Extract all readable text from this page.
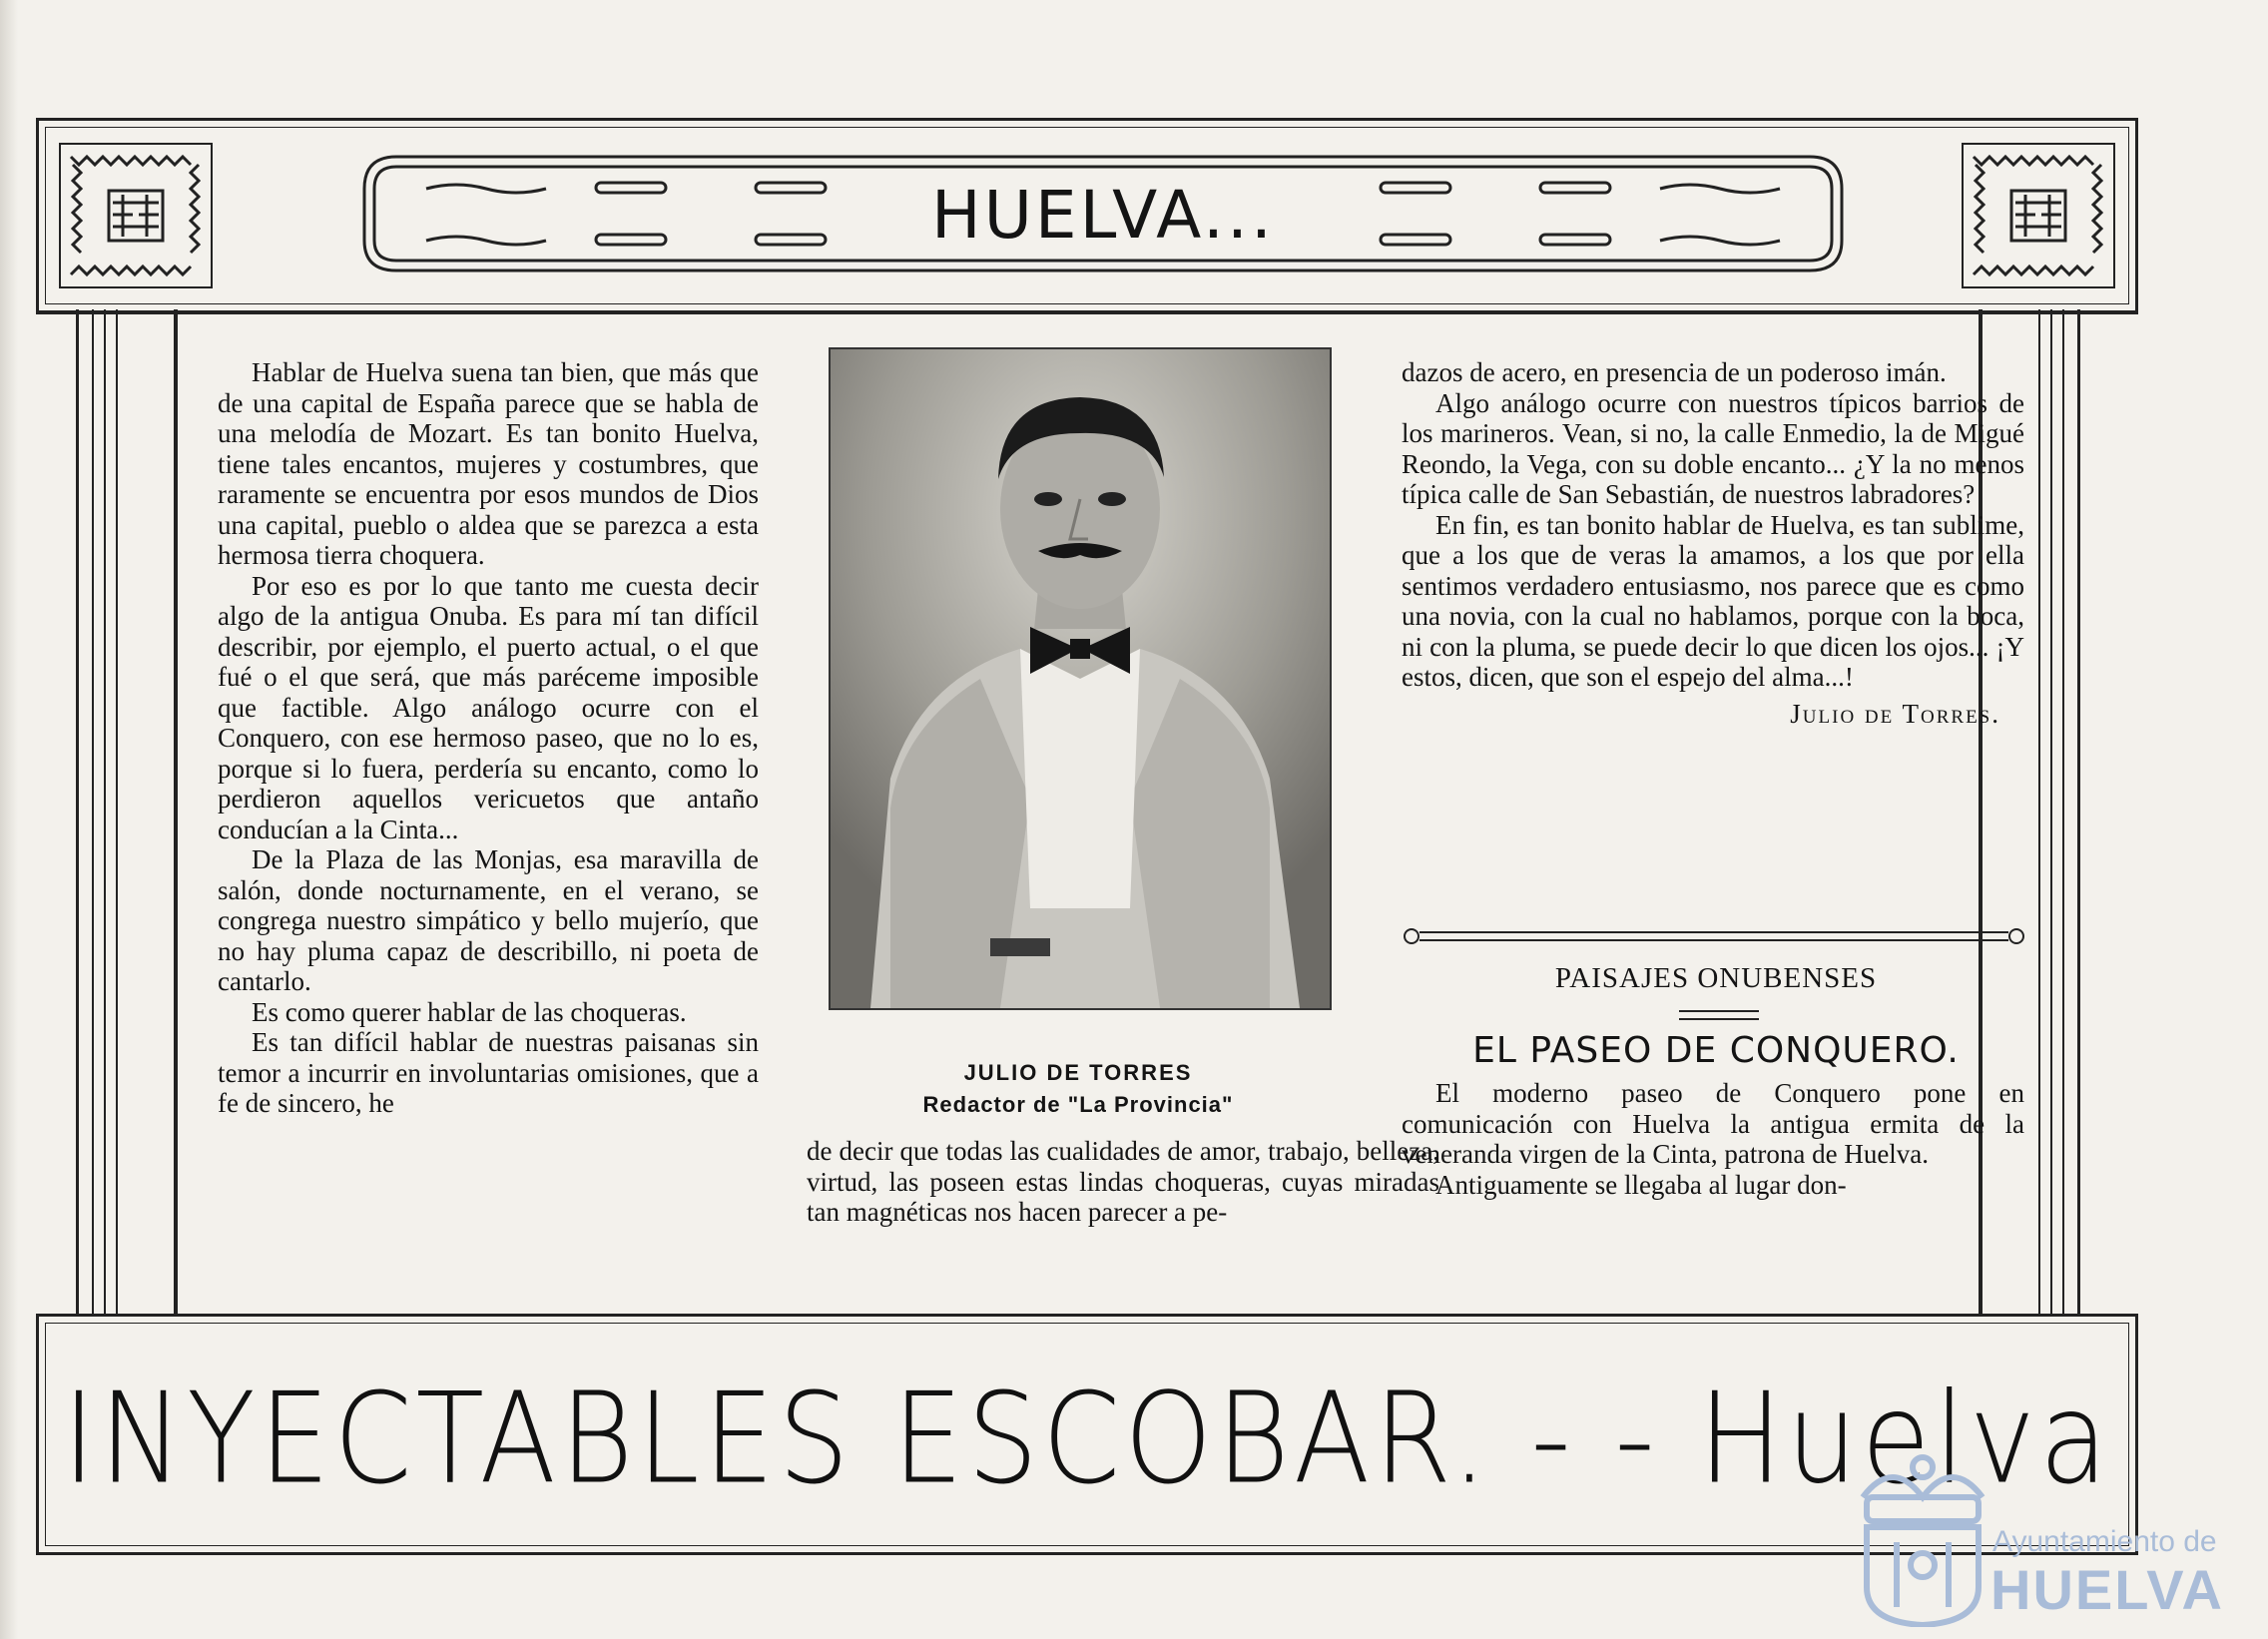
HUELVA...

Hablar de Huelva suena tan bien, que más que de una capital de España parece que se habla de una melodía de Mozart. Es tan bonito Huelva, tiene tales encantos, mujeres y costumbres, que raramente se encuentra por esos mundos de Dios una capital, pueblo o aldea que se parezca a esta hermosa tierra choquera.

Por eso es por lo que tanto me cuesta decir algo de la antigua Onuba. Es para mí tan difícil describir, por ejemplo, el puerto actual, o el que fué o el que será, que más paréceme imposible que factible. Algo análogo ocurre con el Conquero, con ese hermoso paseo, que no lo es, porque si lo fuera, perdería su encanto, como lo perdieron aquellos vericuetos que antaño conducían a la Cinta...

De la Plaza de las Monjas, esa maravilla de salón, donde nocturnamente, en el verano, se congrega nuestro simpático y bello mujerío, que no hay pluma capaz de describillo, ni poeta de cantarlo.

Es como querer hablar de las choqueras.

Es tan difícil hablar de nuestras paisanas sin temor a incurrir en involuntarias omisiones, que a fe de sincero, he

JULIO DE TORRES
Redactor de "La Provincia"

de decir que todas las cualidades de amor, trabajo, belleza, virtud, las poseen estas lindas choqueras, cuyas miradas tan magnéticas nos hacen parecer a pe-

dazos de acero, en presencia de un poderoso imán.

Algo análogo ocurre con nuestros típicos barrios de los marineros. Vean, si no, la calle Enmedio, la de Migué Reondo, la Vega, con su doble encanto... ¿Y la no menos típica calle de San Sebastián, de nuestros labradores?

En fin, es tan bonito hablar de Huelva, es tan sublime, que a los que de veras la amamos, a los que por ella sentimos verdadero entusiasmo, nos parece que es como una novia, con la cual no hablamos, porque con la boca, ni con la pluma, se puede decir lo que dicen los ojos... ¡Y estos, dicen, que son el espejo del alma...!

Julio de Torres.
PAISAJES ONUBENSES
EL PASEO DE CONQUERO.

El moderno paseo de Conquero pone en comunicación con Huelva la antigua ermita de la veneranda virgen de la Cinta, patrona de Huelva.

Antiguamente se llegaba al lugar don-

INYECTABLES ESCOBAR. - - Huelva
Ayuntamiento de
HUELVA
